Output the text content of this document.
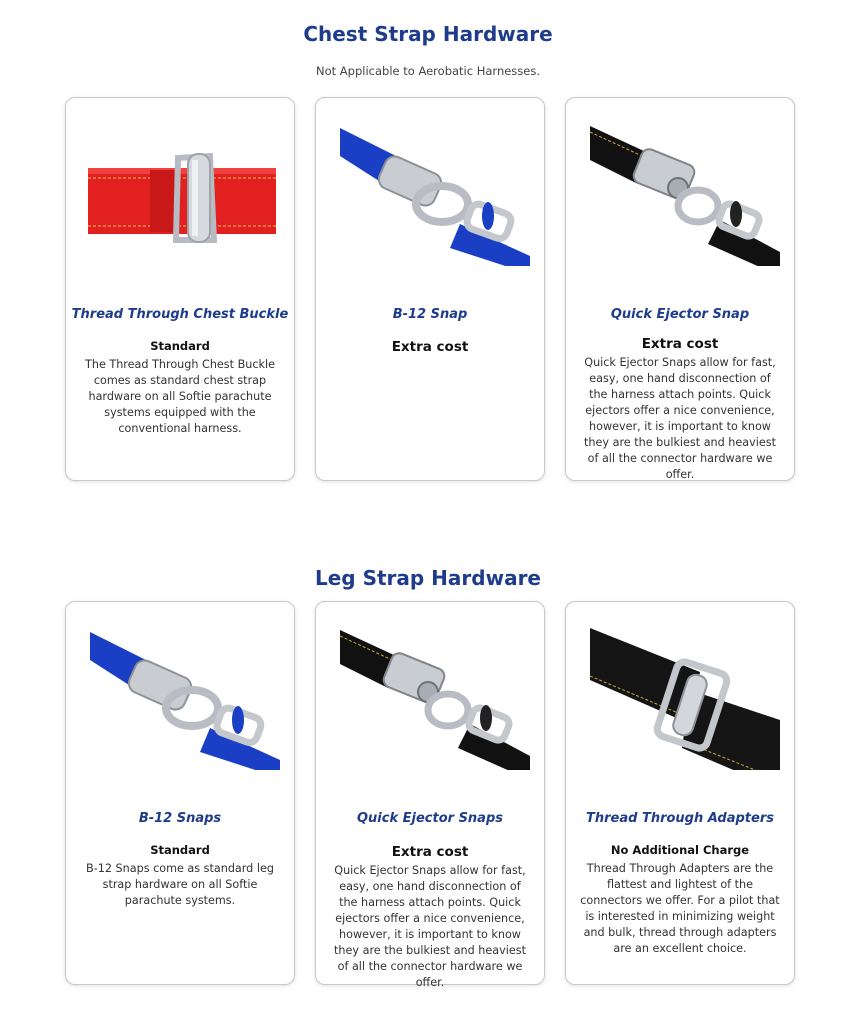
Chest Strap Hardware
Not Applicable to Aerobatic Harnesses.
Thread Through Chest Buckle
Standard

The Thread Through Chest Buckle comes as standard chest strap hardware on all Softie parachute systems equipped with the conventional harness.

B-12 Snap
Extra cost
Quick Ejector Snap
Extra cost

Quick Ejector Snaps allow for fast, easy, one hand disconnection of the harness attach points. Quick ejectors offer a nice convenience, however, it is important to know they are the bulkiest and heaviest of all the connector hardware we offer.

Leg Strap Hardware
B-12 Snaps
Standard

B-12 Snaps come as standard leg strap hardware on all Softie parachute systems.

Quick Ejector Snaps
Extra cost

Quick Ejector Snaps allow for fast, easy, one hand disconnection of the harness attach points. Quick ejectors offer a nice convenience, however, it is important to know they are the bulkiest and heaviest of all the connector hardware we offer.

Thread Through Adapters
No Additional Charge

Thread Through Adapters are the flattest and lightest of the connectors we offer. For a pilot that is interested in minimizing weight and bulk, thread through adapters are an excellent choice.
